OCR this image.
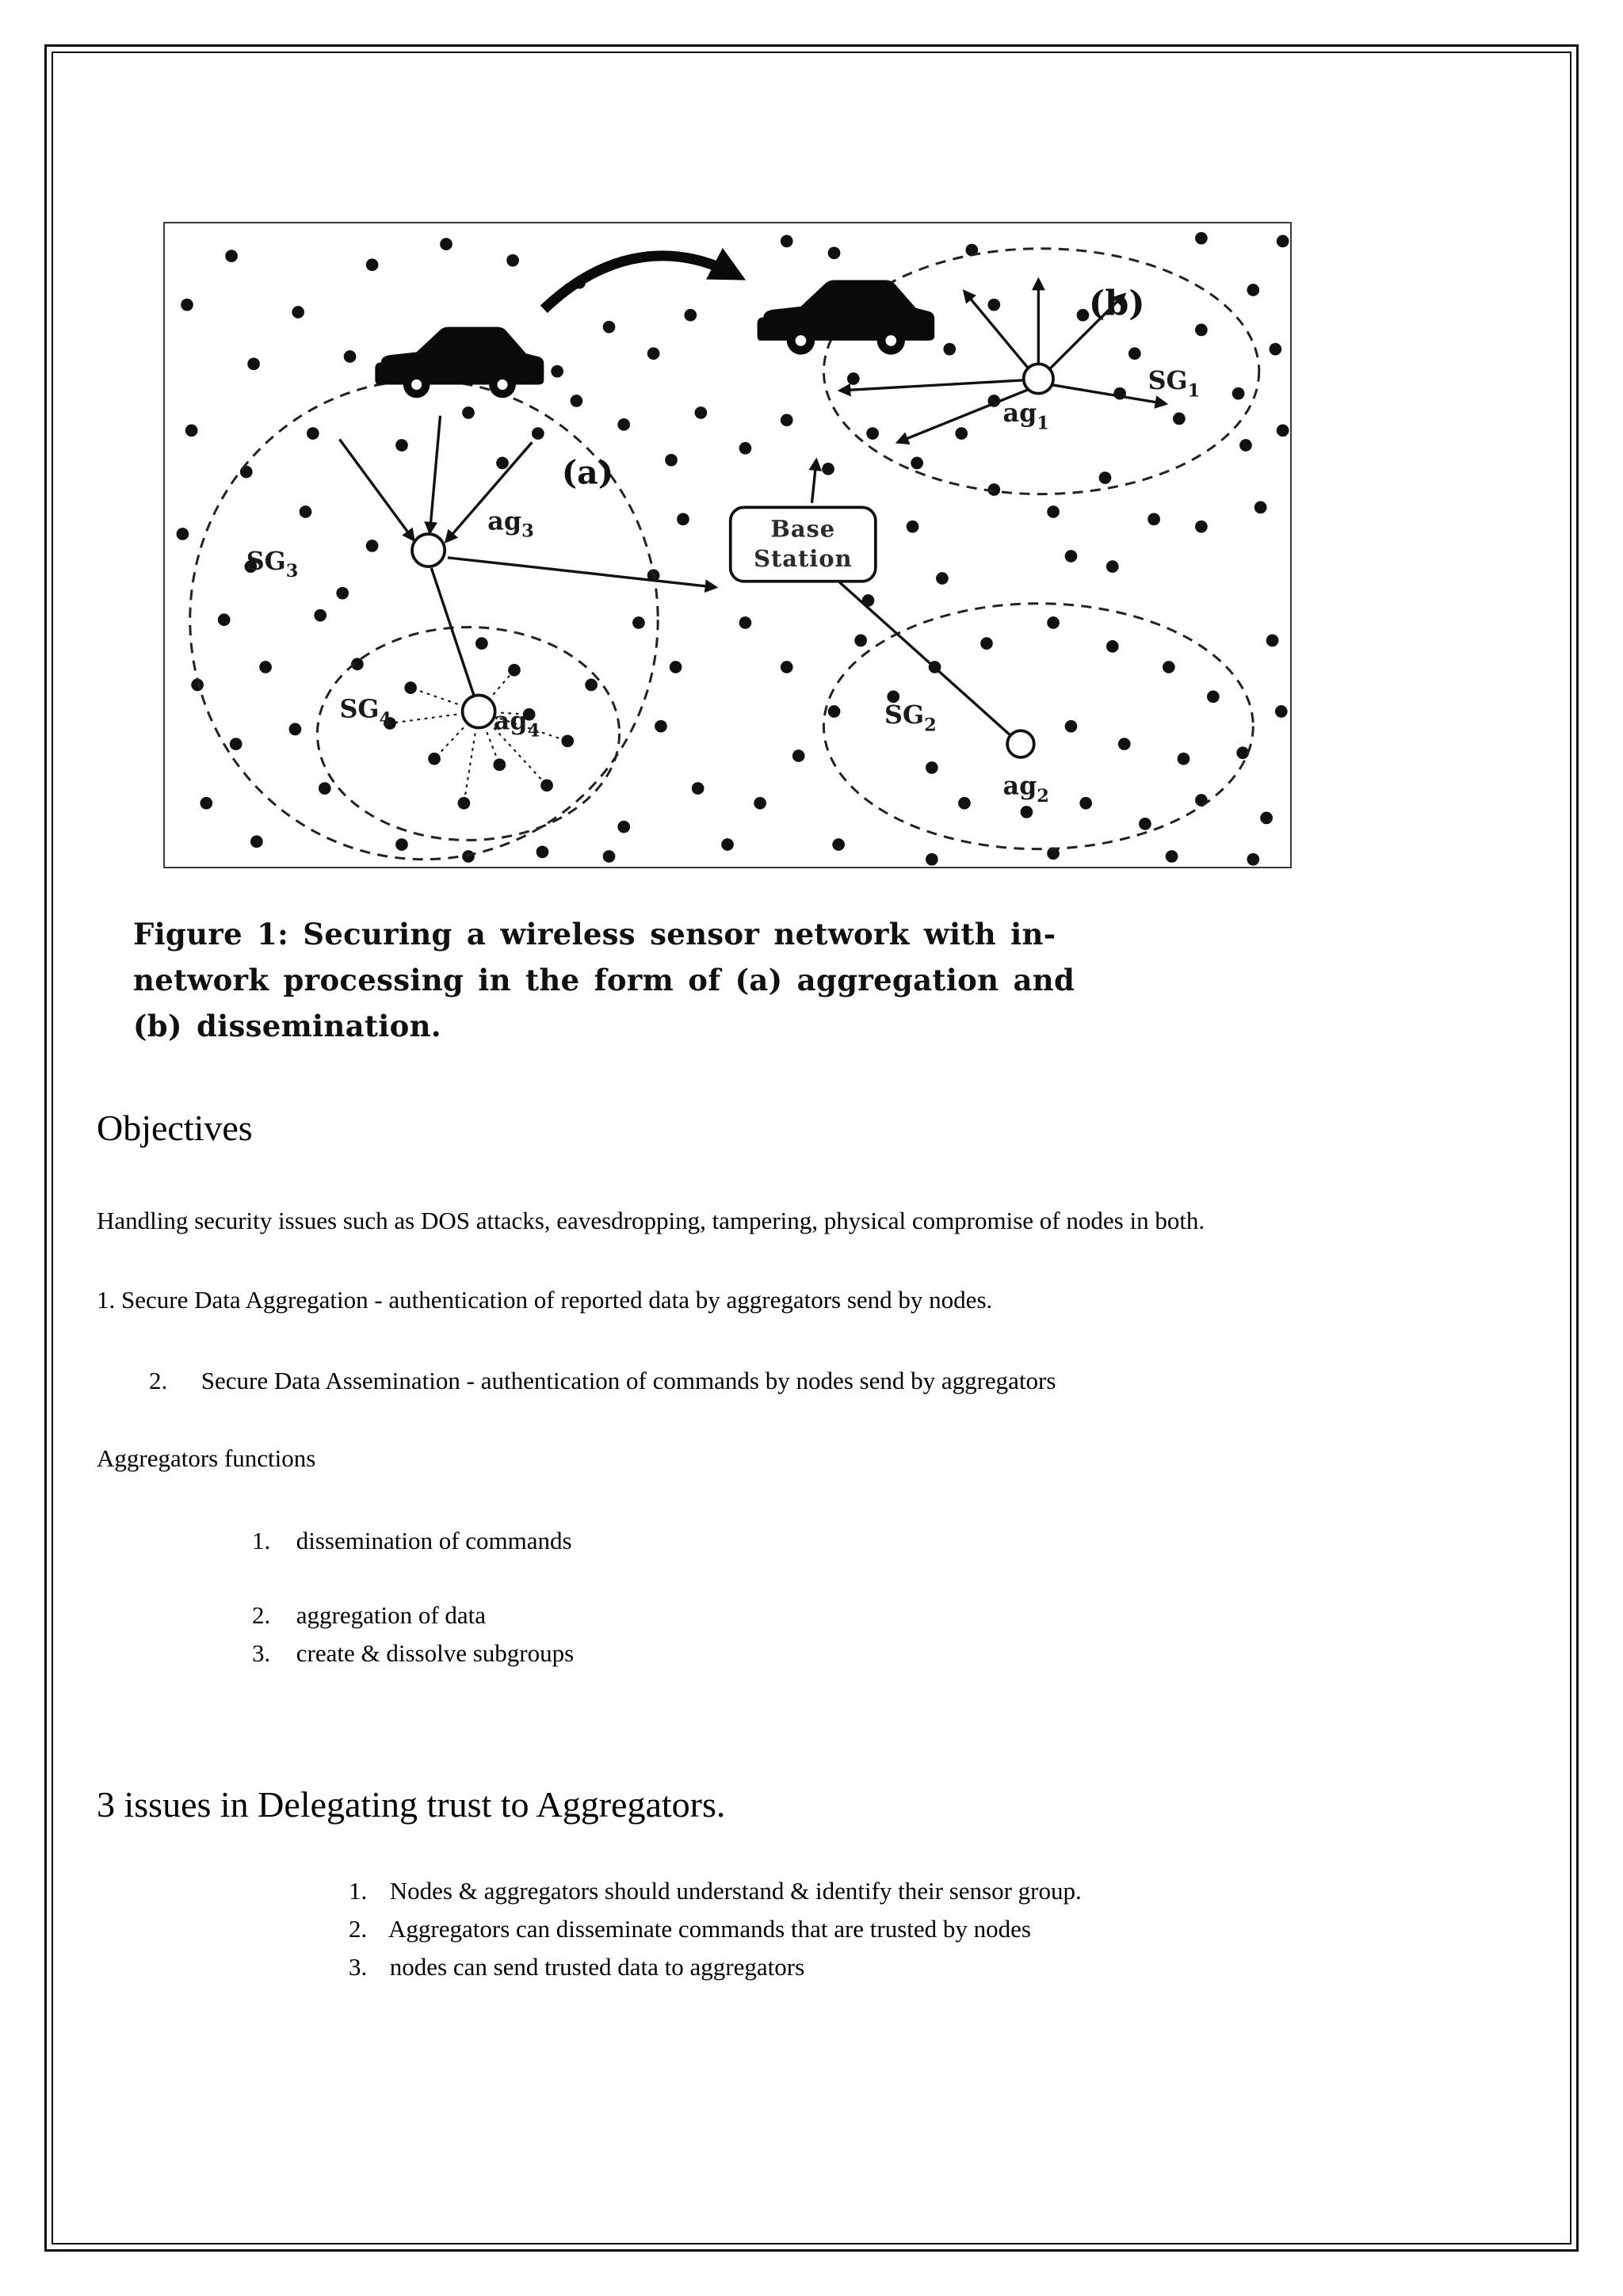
Base
Station
(a)
(b)
$SG_3$
$ag_3$
$SG_4$	$ag_4$
$SG_1$
$ag_1$
$SG_2$
$ag_2$
Figure 1: Securing a wireless sensor network with in-
network processing in the form of (a) aggregation and
(b) dissemination.
Objectives
Handling security issues such as DOS attacks, eavesdropping, tampering, physical compromise of nodes in both.
1. Secure Data Aggregation - authentication of reported data by aggregators send by nodes.
2. Secure Data Assemination - authentication of commands by nodes send by aggregators
Aggregators functions
1. dissemination of commands
2. aggregation of data
3. create & dissolve subgroups
3 issues in Delegating trust to Aggregators.
1. Nodes & aggregators should understand & identify their sensor group.
2. Aggregators can disseminate commands that are trusted by nodes
3. nodes can send trusted data to aggregators
